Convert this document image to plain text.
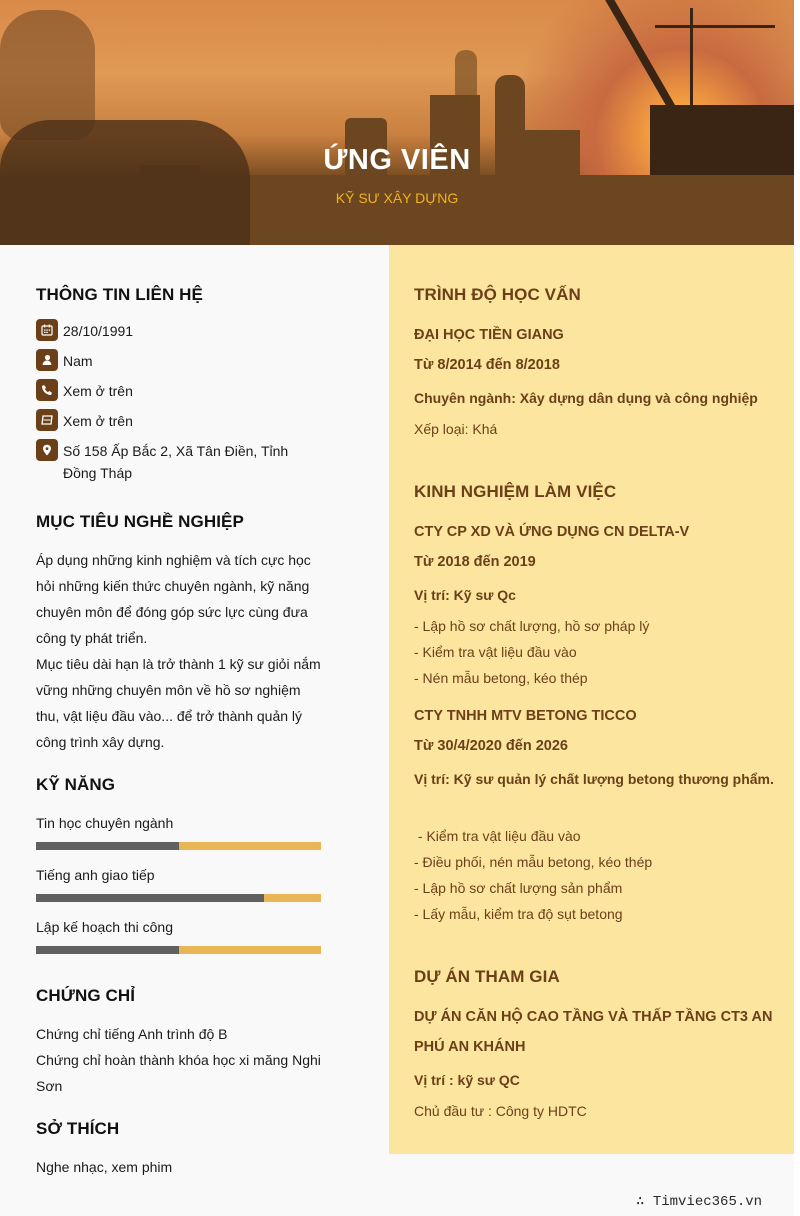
ỨNG VIÊN
KỸ SƯ XÂY DỰNG
THÔNG TIN LIÊN HỆ
28/10/1991
Nam
Xem ở trên
Xem ở trên
Số 158 Ấp Bắc 2, Xã Tân Điền, Tỉnh Đồng Tháp
MỤC TIÊU NGHỀ NGHIỆP
Áp dụng những kinh nghiệm và tích cực học hỏi những kiến thức chuyên ngành, kỹ năng chuyên môn để đóng góp sức lực cùng đưa công ty phát triển.
Mục tiêu dài hạn là trở thành 1 kỹ sư giỏi nắm vững những chuyên môn về hồ sơ nghiệm thu, vật liệu đầu vào... để trở thành quản lý công trình xây dựng.
KỸ NĂNG
Tin học chuyên ngành
Tiếng anh giao tiếp
Lập kế hoạch thi công
CHỨNG CHỈ
Chứng chỉ tiếng Anh trình độ B
Chứng chỉ hoàn thành khóa học xi măng Nghi Sơn
SỞ THÍCH
Nghe nhạc, xem phim
TRÌNH ĐỘ HỌC VẤN
ĐẠI HỌC TIỀN GIANG
Từ 8/2014 đến 8/2018
Chuyên ngành: Xây dựng dân dụng và công nghiệp
Xếp loại: Khá
KINH NGHIỆM LÀM VIỆC
CTY CP XD VÀ ỨNG DỤNG CN DELTA-V
Từ 2018 đến 2019
Vị trí: Kỹ sư Qc
- Lập hồ sơ chất lượng, hồ sơ pháp lý
- Kiểm tra vật liệu đầu vào
- Nén mẫu betong, kéo thép
CTY TNHH MTV BETONG TICCO
Từ 30/4/2020 đến 2026
Vị trí: Kỹ sư quản lý chất lượng betong thương phẩm.
- Kiểm tra vật liệu đầu vào
- Điều phối, nén mẫu betong, kéo thép
- Lập hồ sơ chất lượng sản phẩm
- Lấy mẫu, kiểm tra độ sụt betong
DỰ ÁN THAM GIA
DỰ ÁN CĂN HỘ CAO TẦNG VÀ THẤP TẦNG CT3 AN
PHÚ AN KHÁNH
Vị trí : kỹ sư QC
Chủ đầu tư : Công ty HDTC
∴ Timviec365.vn
